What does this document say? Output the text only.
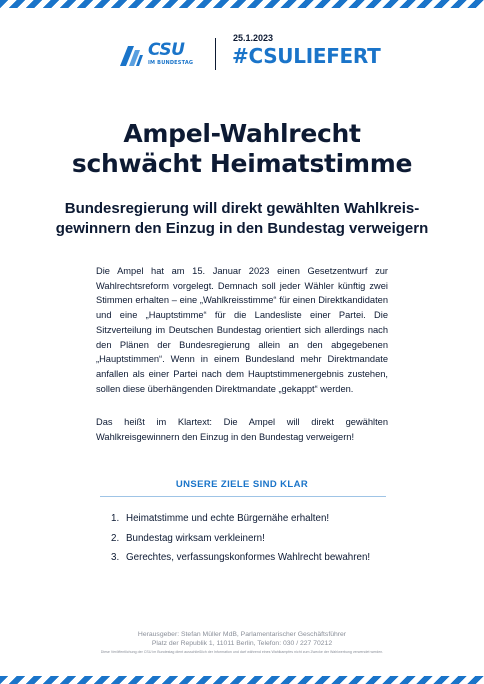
CSU
IM BUNDESTAG
25.1.2023
#CSULIEFERT
Ampel-Wahlrecht
schwächt Heimatstimme
Bundesregierung will direkt gewählten Wahlkreis-
gewinnern den Einzug in den Bundestag verweigern

Die Ampel hat am 15. Januar 2023 einen Gesetzentwurf zur Wahlrechtsreform vorgelegt. Demnach soll jeder Wähler künftig zwei Stimmen erhalten – eine „Wahlkreisstimme“ für einen Direktkandidaten und eine „Hauptstimme“ für die Landesliste einer Partei. Die Sitzverteilung im Deutschen Bundestag orientiert sich allerdings nach den Plänen der Bundesregierung allein an den abgegebenen „Hauptstimmen“. Wenn in einem Bundesland mehr Direktmandate anfallen als einer Partei nach dem Hauptstimmenergebnis zustehen, sollen diese überhängenden Direktmandate „gekappt“ werden.

Das heißt im Klartext: Die Ampel will direkt gewählten Wahlkreisgewinnern den Einzug in den Bundestag verweigern!

UNSERE ZIELE SIND KLAR
1. Heimatstimme und echte Bürgernähe erhalten!
2. Bundestag wirksam verkleinern!
3. Gerechtes, verfassungskonformes Wahlrecht bewahren!
Herausgeber: Stefan Müller MdB, Parlamentarischer Geschäftsführer
Platz der Republik 1, 11011 Berlin, Telefon: 030 / 227 70212
Diese Veröffentlichung der CSU im Bundestag dient ausschließlich der Information und darf während eines Wahlkampfes nicht zum Zwecke der Wahlwerbung verwendet werden.
